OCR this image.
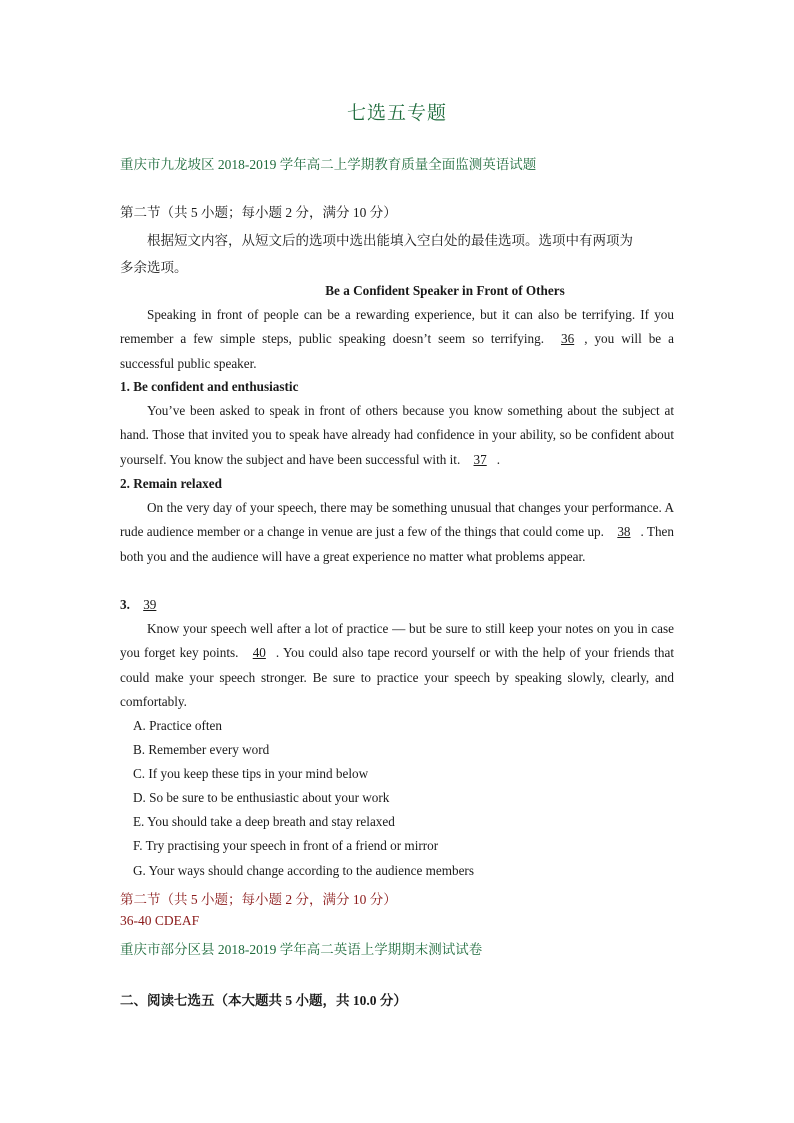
七选五专题
重庆市九龙坡区 2018-2019 学年高二上学期教育质量全面监测英语试题
第二节（共 5 小题；每小题 2 分，满分 10 分）
根据短文内容，从短文后的选项中选出能填入空白处的最佳选项。选项中有两项为
多余选项。
Be a Confident Speaker in Front of Others
Speaking in front of people can be a rewarding experience, but it can also be terrifying. If you remember a few simple steps, public speaking doesn’t seem so terrifying. 36 , you will be a successful public speaker.
1. Be confident and enthusiastic
You’ve been asked to speak in front of others because you know something about the subject at hand. Those that invited you to speak have already had confidence in your ability, so be confident about yourself. You know the subject and have been successful with it. 37 .
2. Remain relaxed
On the very day of your speech, there may be something unusual that changes your performance. A rude audience member or a change in venue are just a few of the things that could come up. 38 . Then both you and the audience will have a great experience no matter what problems appear.
3. 39
Know your speech well after a lot of practice — but be sure to still keep your notes on you in case you forget key points. 40 . You could also tape record yourself or with the help of your friends that could make your speech stronger. Be sure to practice your speech by speaking slowly, clearly, and comfortably.
A. Practice often
B. Remember every word
C. If you keep these tips in your mind below
D. So be sure to be enthusiastic about your work
E. You should take a deep breath and stay relaxed
F. Try practising your speech in front of a friend or mirror
G. Your ways should change according to the audience members
第二节（共 5 小题；每小题 2 分，满分 10 分）
36-40 CDEAF
重庆市部分区县 2018-2019 学年高二英语上学期期末测试试卷
二、阅读七选五（本大题共 5 小题，共 10.0 分）
